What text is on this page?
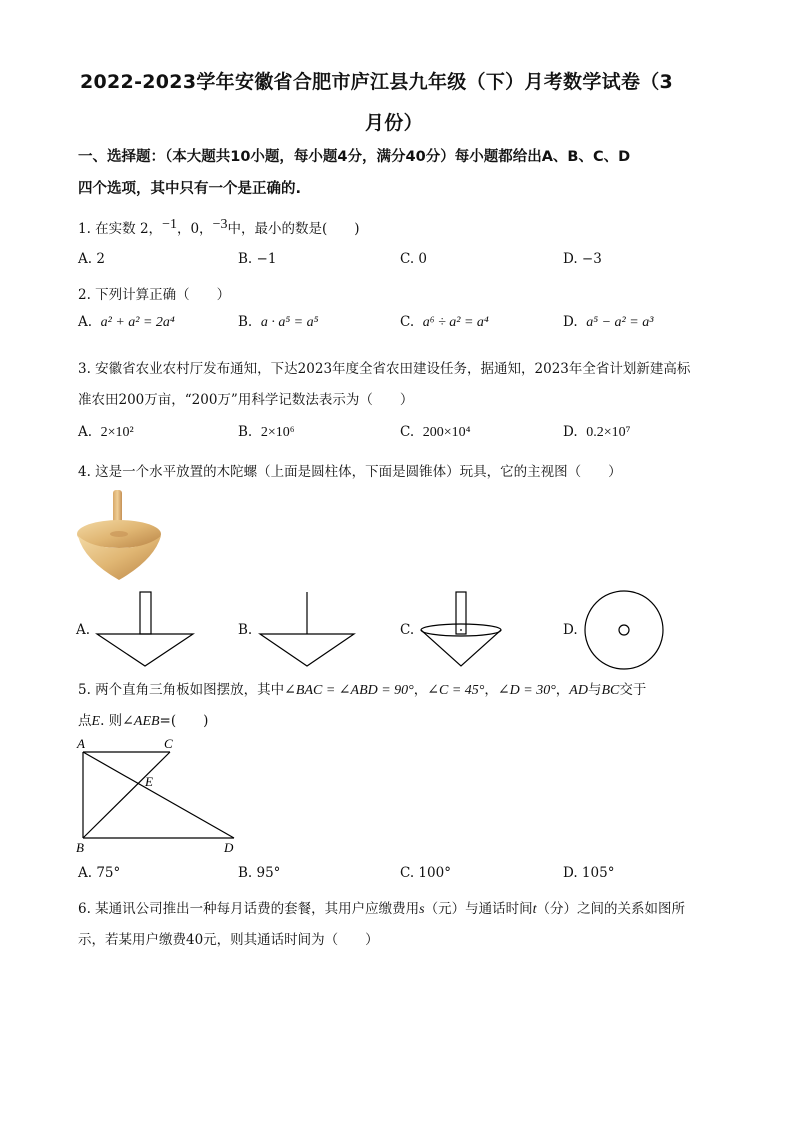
2022-2023学年安徽省合肥市庐江县九年级（下）月考数学试卷（3
月份）
一、选择题：（本大题共10小题，每小题4分，满分40分）每小题都给出A、B、C、D
四个选项，其中只有一个是正确的.
1. 在实数 2，−1，0，−3中，最小的数是(　　)
A. 2	B. −1	C. 0	D. −3
2. 下列计算正确（　　）
A. a² + a² = 2a⁴	B. a · a⁵ = a⁵	C. a⁶ ÷ a² = a⁴	D. a⁵ − a² = a³
3. 安徽省农业农村厅发布通知，下达2023年度全省农田建设任务，据通知，2023年全省计划新建高标
准农田200万亩，“200万”用科学记数法表示为（　　）
A. 2×10²	B. 2×10⁶	C. 200×10⁴	D. 0.2×10⁷
4. 这是一个水平放置的木陀螺（上面是圆柱体，下面是圆锥体）玩具，它的主视图（　　）
A.	B.	C.	D.
5. 两个直角三角板如图摆放，其中∠BAC = ∠ABD = 90°，∠C = 45°，∠D = 30°，AD与BC交于
点E. 则∠AEB=(　　)
A	C
B	D
E
A. 75°	B. 95°	C. 100°	D. 105°
6. 某通讯公司推出一种每月话费的套餐，其用户应缴费用s（元）与通话时间t（分）之间的关系如图所
示，若某用户缴费40元，则其通话时间为（　　）
